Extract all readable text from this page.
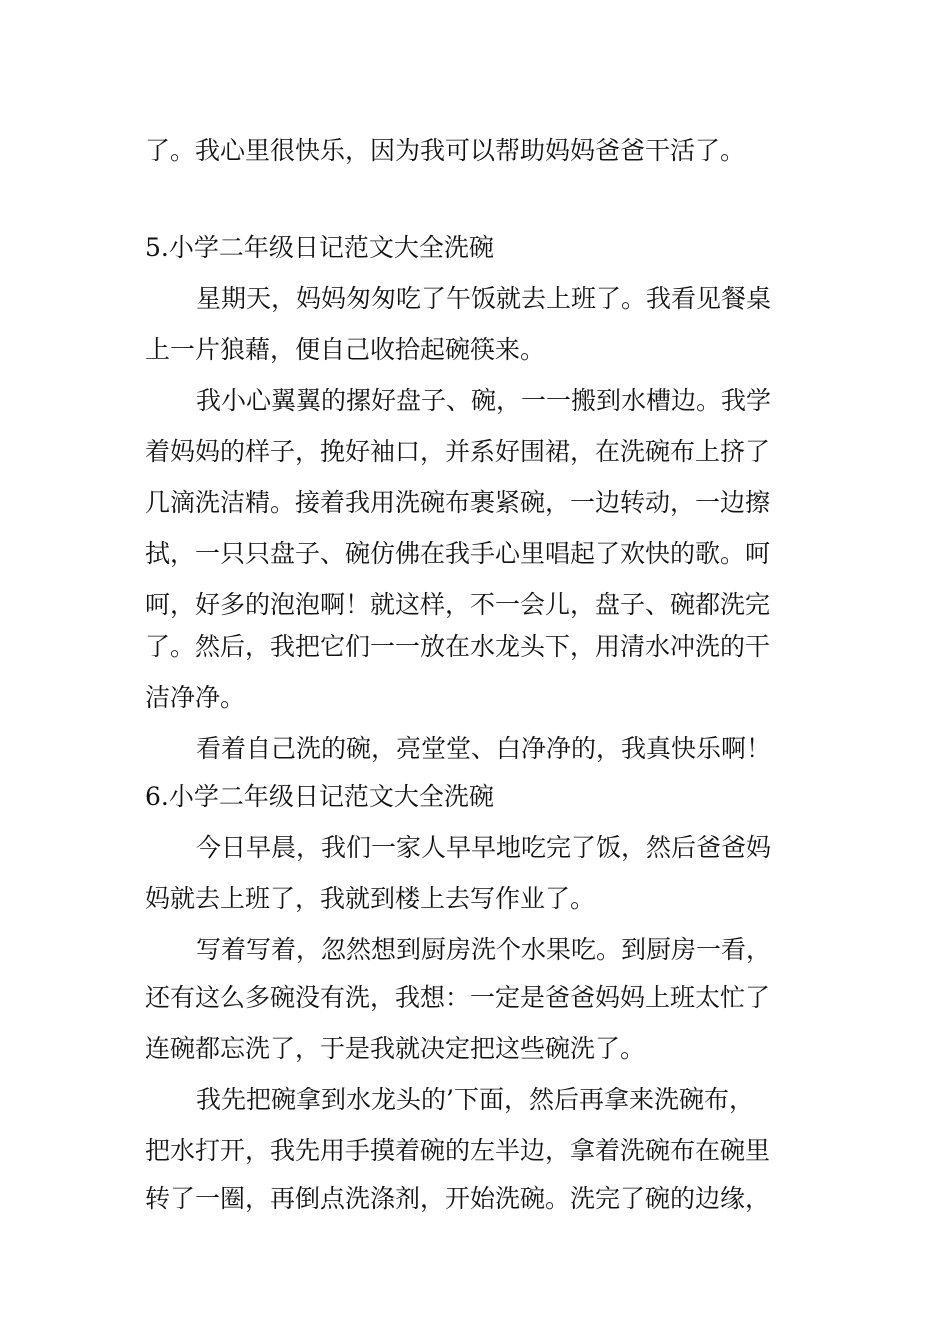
了。我心里很快乐，因为我可以帮助妈妈爸爸干活了。
5.小学二年级日记范文大全洗碗
星期天，妈妈匆匆吃了午饭就去上班了。我看见餐桌
上一片狼藉，便自己收拾起碗筷来。
我小心翼翼的摞好盘子、碗，一一搬到水槽边。我学
着妈妈的样子，挽好袖口，并系好围裙，在洗碗布上挤了
几滴洗洁精。接着我用洗碗布裹紧碗，一边转动，一边擦
拭，一只只盘子、碗仿佛在我手心里唱起了欢快的歌。呵
呵，好多的泡泡啊！就这样，不一会儿，盘子、碗都洗完
了。然后，我把它们一一放在水龙头下，用清水冲洗的干
洁净净。
看着自己洗的碗，亮堂堂、白净净的，我真快乐啊！
6.小学二年级日记范文大全洗碗
今日早晨，我们一家人早早地吃完了饭，然后爸爸妈
妈就去上班了，我就到楼上去写作业了。
写着写着，忽然想到厨房洗个水果吃。到厨房一看，
还有这么多碗没有洗，我想：一定是爸爸妈妈上班太忙了
连碗都忘洗了，于是我就决定把这些碗洗了。
我先把碗拿到水龙头的’下面，然后再拿来洗碗布，
把水打开，我先用手摸着碗的左半边，拿着洗碗布在碗里
转了一圈，再倒点洗涤剂，开始洗碗。洗完了碗的边缘，
